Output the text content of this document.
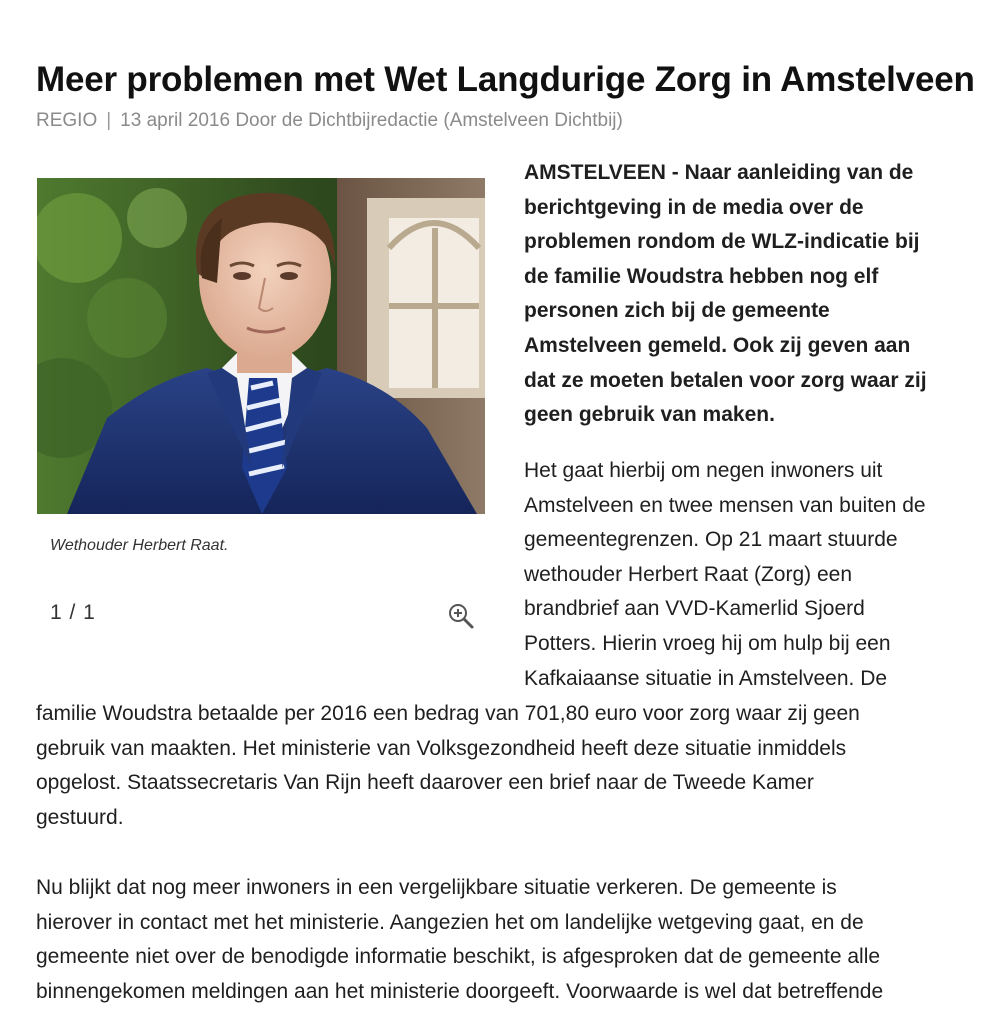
Meer problemen met Wet Langdurige Zorg in Amstelveen
REGIO | 13 april 2016 Door de Dichtbijredactie (Amstelveen Dichtbij)
Wethouder Herbert Raat.
1 / 1

AMSTELVEEN - Naar aanleiding van de
berichtgeving in de media over de
problemen rondom de WLZ-indicatie bij
de familie Woudstra hebben nog elf
personen zich bij de gemeente
Amstelveen gemeld. Ook zij geven aan
dat ze moeten betalen voor zorg waar zij
geen gebruik van maken.

Het gaat hierbij om negen inwoners uit
Amstelveen en twee mensen van buiten de
gemeentegrenzen. Op 21 maart stuurde
wethouder Herbert Raat (Zorg) een
brandbrief aan VVD-Kamerlid Sjoerd
Potters. Hierin vroeg hij om hulp bij een
Kafkaiaanse situatie in Amstelveen. De

familie Woudstra betaalde per 2016 een bedrag van 701,80 euro voor zorg waar zij geen
gebruik van maakten. Het ministerie van Volksgezondheid heeft deze situatie inmiddels
opgelost. Staatssecretaris Van Rijn heeft daarover een brief naar de Tweede Kamer
gestuurd.

Nu blijkt dat nog meer inwoners in een vergelijkbare situatie verkeren. De gemeente is
hierover in contact met het ministerie. Aangezien het om landelijke wetgeving gaat, en de
gemeente niet over de benodigde informatie beschikt, is afgesproken dat de gemeente alle
binnengekomen meldingen aan het ministerie doorgeeft. Voorwaarde is wel dat betreffende
